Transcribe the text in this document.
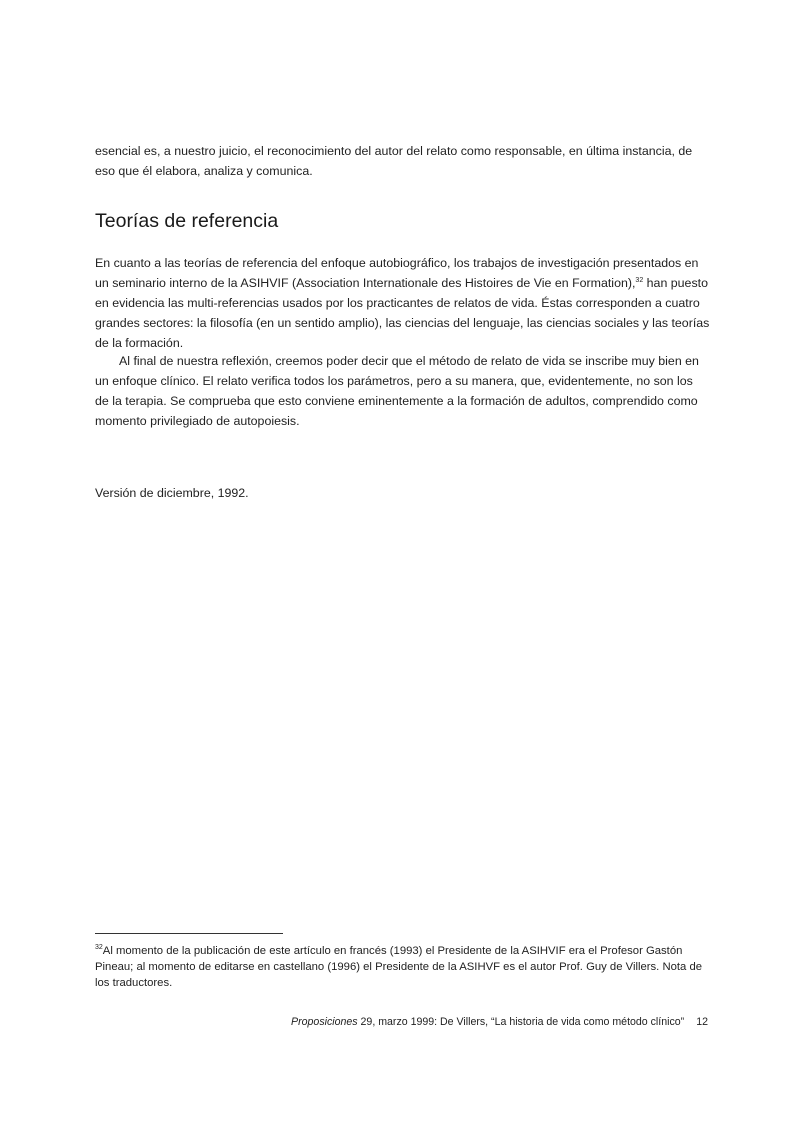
esencial es, a nuestro juicio, el reconocimiento del autor del relato como responsable, en última instancia, de eso que él elabora, analiza y comunica.

Teorías de referencia

En cuanto a las teorías de referencia del enfoque autobiográfico, los trabajos de investigación presentados en un seminario interno de la ASIHVIF (Association Internationale des Histoires de Vie en Formation),$^{32}$ han puesto en evidencia las multi-referencias usados por los practicantes de relatos de vida. Éstas corresponden a cuatro grandes sectores: la filosofía (en un sentido amplio), las ciencias del lenguaje, las ciencias sociales y las teorías de la formación.

Al final de nuestra reflexión, creemos poder decir que el método de relato de vida se inscribe muy bien en un enfoque clínico. El relato verifica todos los parámetros, pero a su manera, que, evidentemente, no son los de la terapia. Se comprueba que esto conviene eminentemente a la formación de adultos, comprendido como momento privilegiado de autopoiesis.

Versión de diciembre, 1992.

$^{32}$Al momento de la publicación de este artículo en francés (1993) el Presidente de la ASIHVIF era el Profesor Gastón Pineau; al momento de editarse en castellano (1996) el Presidente de la ASIHVF es el autor Prof. Guy de Villers. Nota de los traductores.

Proposiciones 29, marzo 1999: De Villers, “La historia de vida como método clínico” 12
